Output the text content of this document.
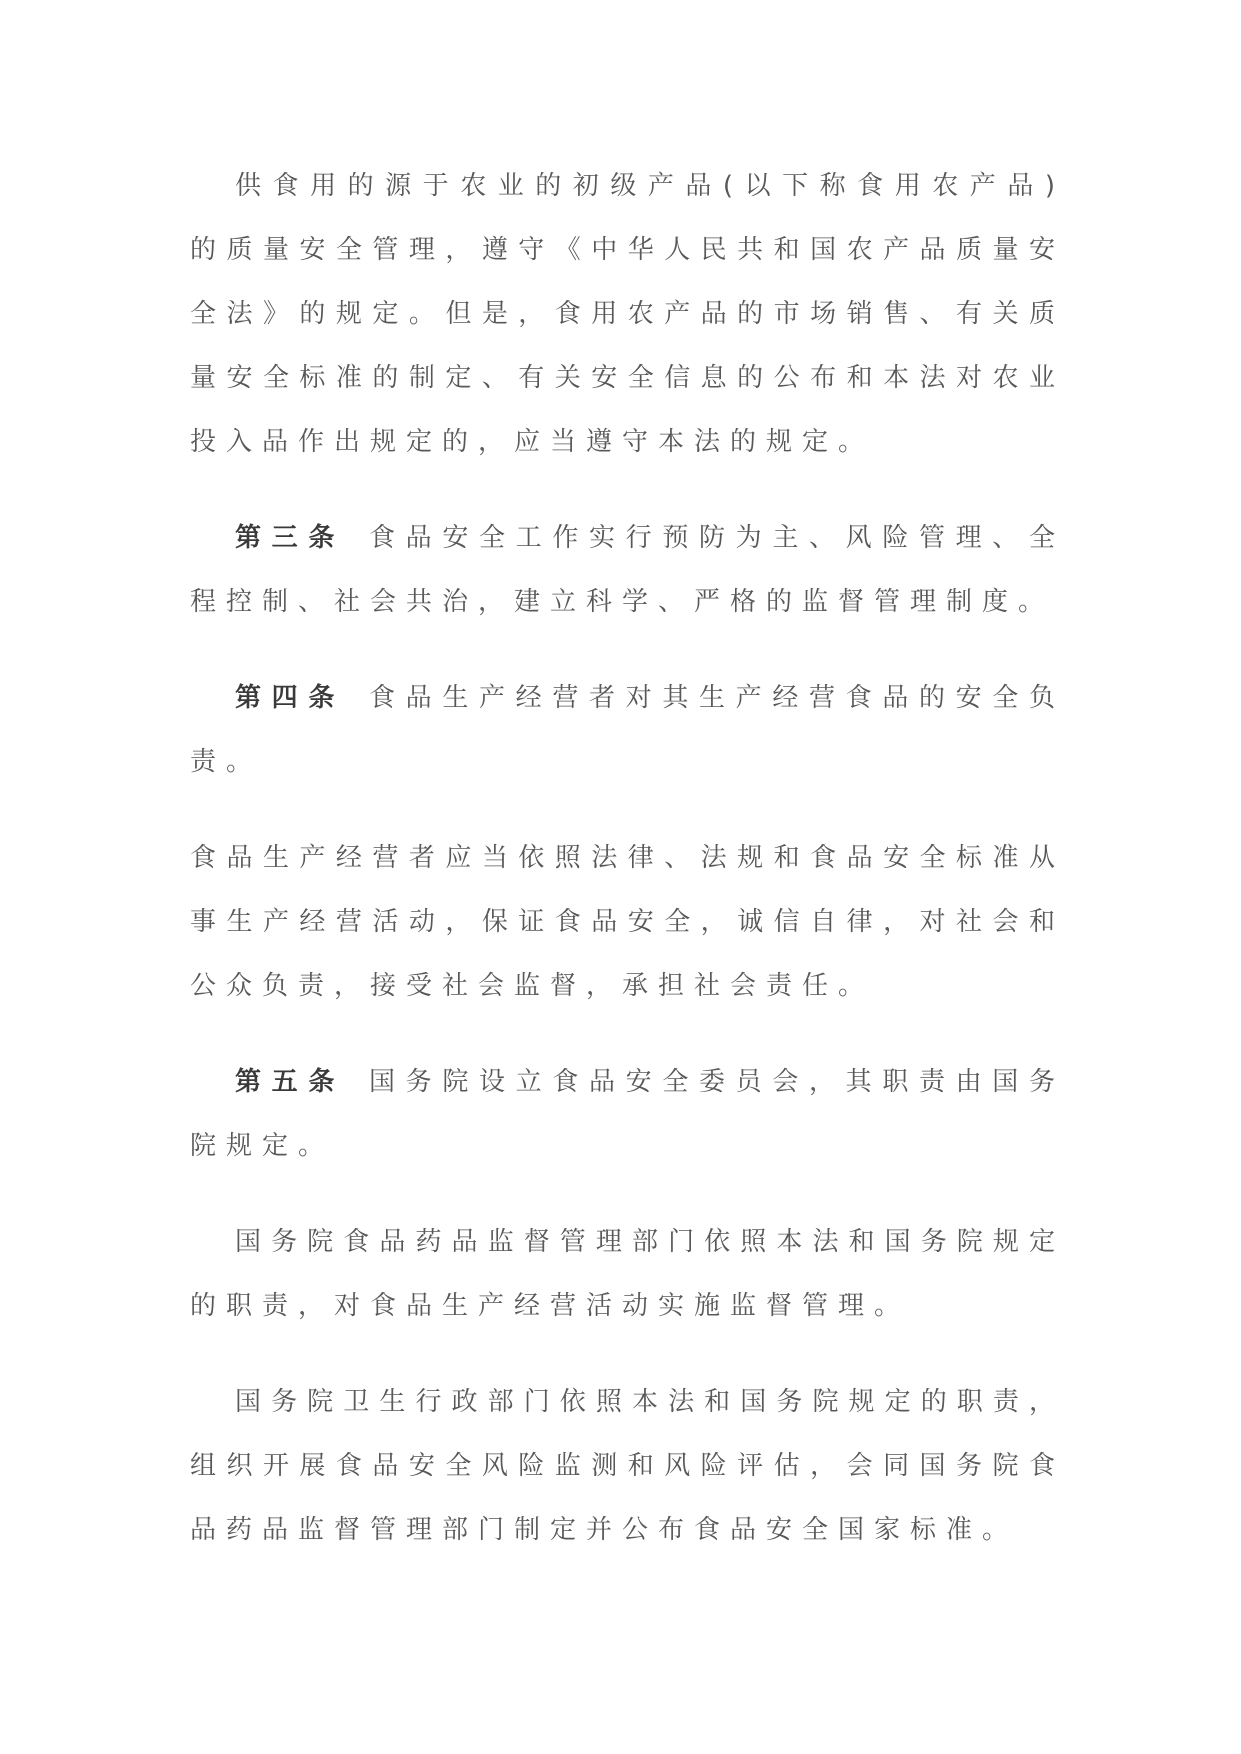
供食用的源于农业的初级产品(以下称食用农产品)的质量安全管理，遵守《中华人民共和国农产品质量安全法》的规定。但是，食用农产品的市场销售、有关质量安全标准的制定、有关安全信息的公布和本法对农业投入品作出规定的，应当遵守本法的规定。

第三条 食品安全工作实行预防为主、风险管理、全程控制、社会共治，建立科学、严格的监督管理制度。

第四条 食品生产经营者对其生产经营食品的安全负责。

食品生产经营者应当依照法律、法规和食品安全标准从事生产经营活动，保证食品安全，诚信自律，对社会和公众负责，接受社会监督，承担社会责任。

第五条 国务院设立食品安全委员会，其职责由国务院规定。

国务院食品药品监督管理部门依照本法和国务院规定的职责，对食品生产经营活动实施监督管理。

国务院卫生行政部门依照本法和国务院规定的职责，组织开展食品安全风险监测和风险评估，会同国务院食品药品监督管理部门制定并公布食品安全国家标准。
